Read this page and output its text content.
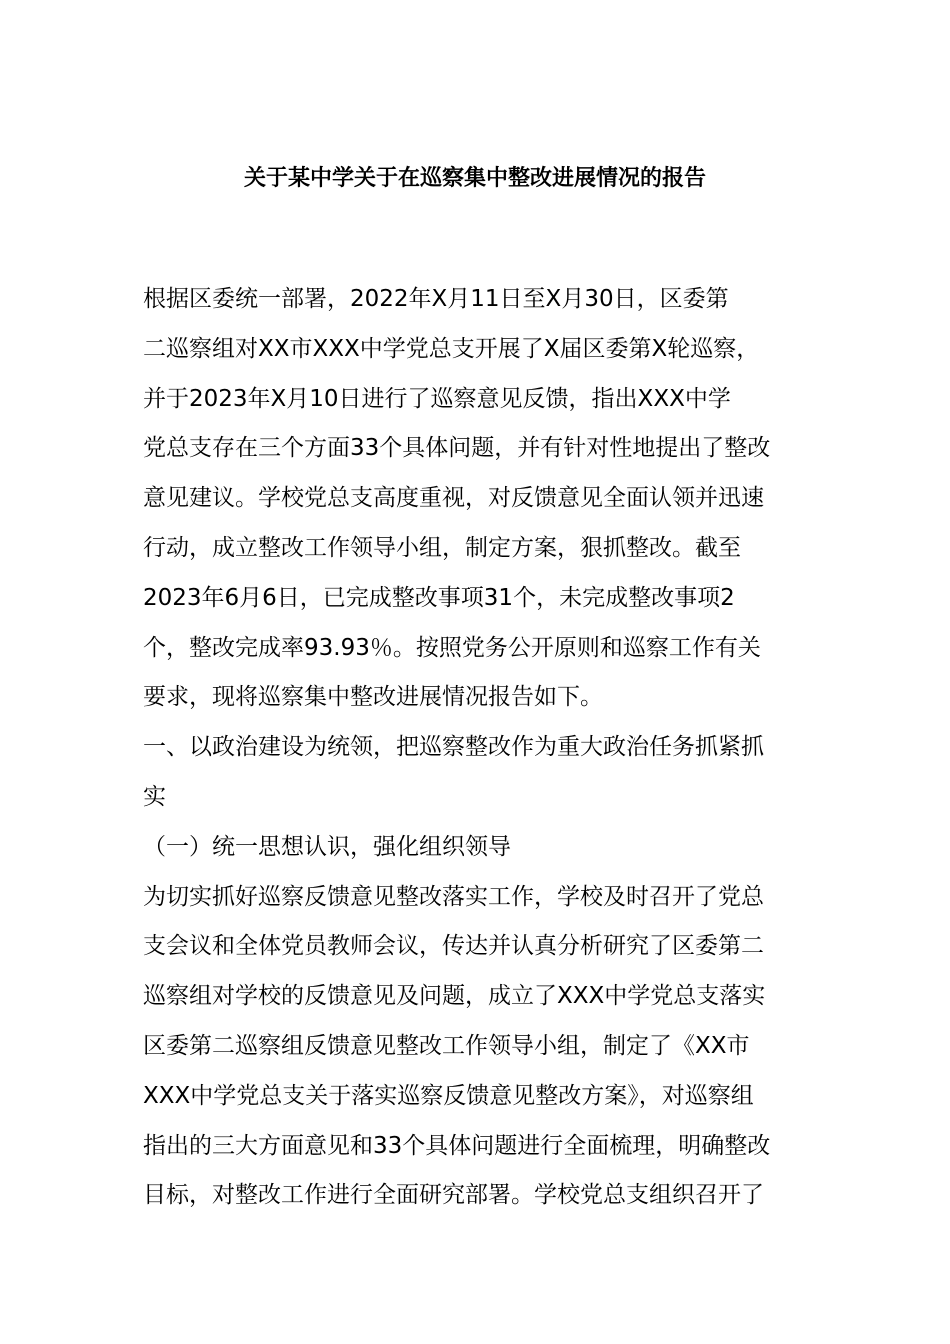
关于某中学关于在巡察集中整改进展情况的报告

根据区委统一部署，2022年X月11日至X月30日，区委第

二巡察组对XX市XXX中学党总支开展了X届区委第X轮巡察，

并于2023年X月10日进行了巡察意见反馈，指出XXX中学

党总支存在三个方面33个具体问题，并有针对性地提出了整改

意见建议。学校党总支高度重视，对反馈意见全面认领并迅速

行动，成立整改工作领导小组，制定方案，狠抓整改。截至

2023年6月6日，已完成整改事项31个，未完成整改事项2

个，整改完成率93.93％。按照党务公开原则和巡察工作有关

要求，现将巡察集中整改进展情况报告如下。

一、以政治建设为统领，把巡察整改作为重大政治任务抓紧抓

实

（一）统一思想认识，强化组织领导

为切实抓好巡察反馈意见整改落实工作，学校及时召开了党总

支会议和全体党员教师会议，传达并认真分析研究了区委第二

巡察组对学校的反馈意见及问题，成立了XXX中学党总支落实

区委第二巡察组反馈意见整改工作领导小组，制定了《XX市

XXX中学党总支关于落实巡察反馈意见整改方案》，对巡察组

指出的三大方面意见和33个具体问题进行全面梳理，明确整改

目标，对整改工作进行全面研究部署。学校党总支组织召开了
